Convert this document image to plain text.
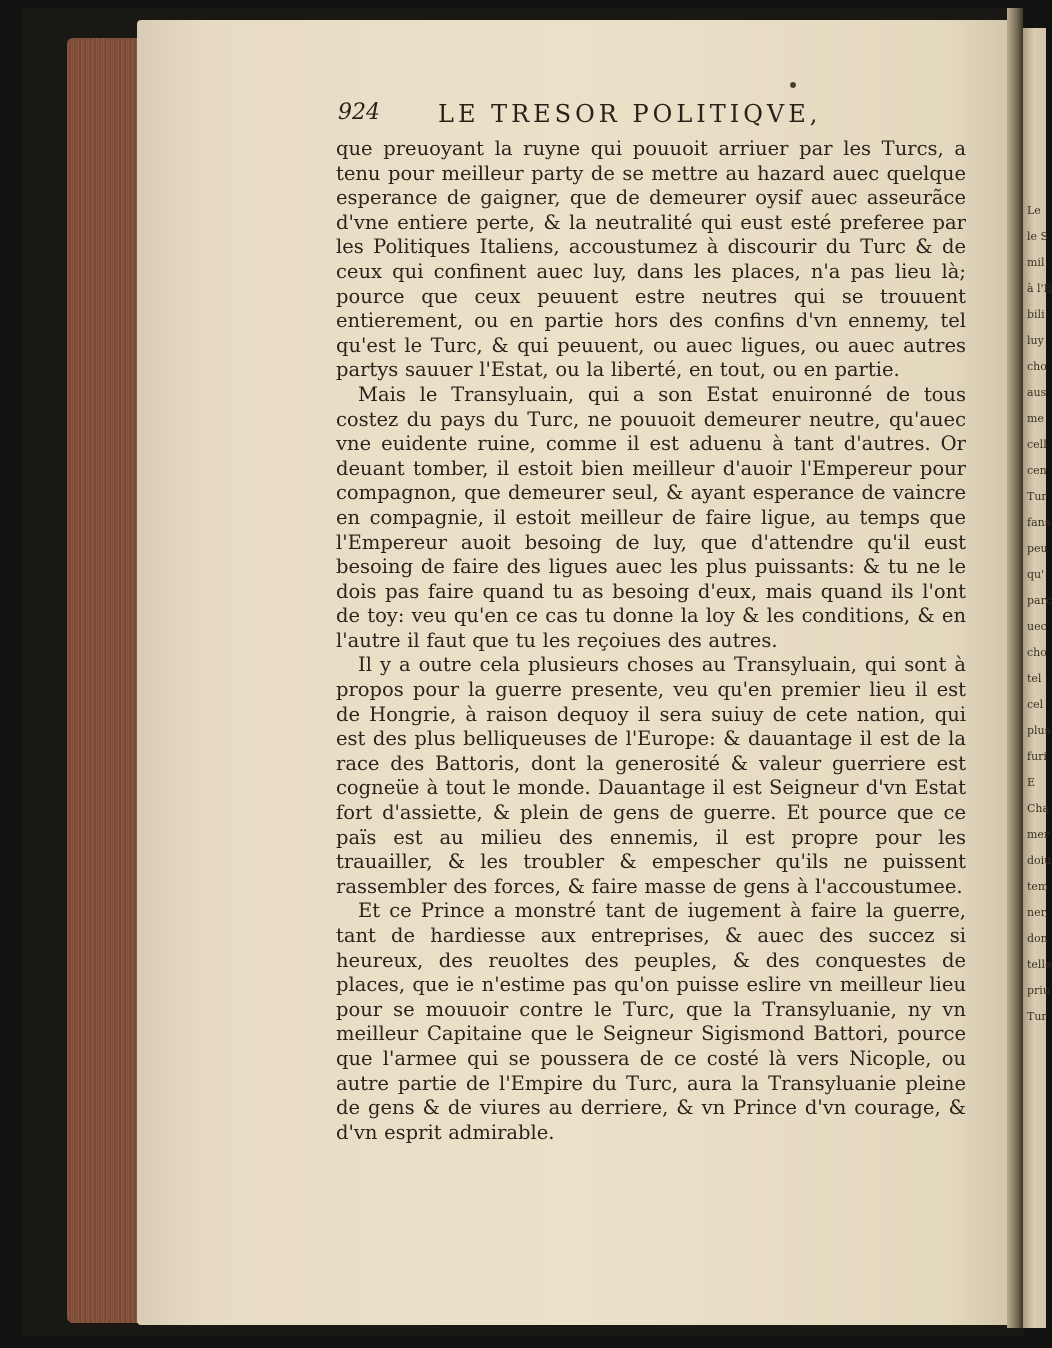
Le
le S
mil
à l'E
bili
luy
cho
aus
me
cell
cen
Tur
fans
peu
qu'
parc
uec
cho
tel
cel
plus
furi
E
Cha
mer
doiu
tem
ner,
don
telle
priu
Tur
924 LE TRESOR POLITIQVE,

que preuoyant la ruyne qui pouuoit arriuer par les Turcs, a tenu pour meilleur party de se mettre au hazard auec quelque esperance de gaigner, que de demeurer oysif auec asseurãce d'vne entiere perte, & la neutralité qui eust esté preferee par les Politiques Italiens, accoustumez à discourir du Turc & de ceux qui confinent auec luy, dans les places, n'a pas lieu là; pource que ceux peuuent estre neutres qui se trouuent entierement, ou en partie hors des confins d'vn ennemy, tel qu'est le Turc, & qui peuuent, ou auec ligues, ou auec autres partys sauuer l'Estat, ou la liberté, en tout, ou en partie.

Mais le Transyluain, qui a son Estat enuironné de tous costez du pays du Turc, ne pouuoit demeurer neutre, qu'auec vne euidente ruine, comme il est aduenu à tant d'autres. Or deuant tomber, il estoit bien meilleur d'auoir l'Empereur pour compagnon, que demeurer seul, & ayant esperance de vaincre en compagnie, il estoit meilleur de faire ligue, au temps que l'Empereur auoit besoing de luy, que d'attendre qu'il eust besoing de faire des ligues auec les plus puissants: & tu ne le dois pas faire quand tu as besoing d'eux, mais quand ils l'ont de toy: veu qu'en ce cas tu donne la loy & les conditions, & en l'autre il faut que tu les reçoiues des autres.

Il y a outre cela plusieurs choses au Transyluain, qui sont à propos pour la guerre presente, veu qu'en premier lieu il est de Hongrie, à raison dequoy il sera suiuy de cete nation, qui est des plus belliqueuses de l'Europe: & dauantage il est de la race des Battoris, dont la generosité & valeur guerriere est cogneüe à tout le monde. Dauantage il est Seigneur d'vn Estat fort d'assiette, & plein de gens de guerre. Et pource que ce païs est au milieu des ennemis, il est propre pour les trauailler, & les troubler & empescher qu'ils ne puissent rassembler des forces, & faire masse de gens à l'accoustumee.

Et ce Prince a monstré tant de iugement à faire la guerre, tant de hardiesse aux entreprises, & auec des succez si heureux, des reuoltes des peuples, & des conquestes de places, que ie n'estime pas qu'on puisse eslire vn meilleur lieu pour se mouuoir contre le Turc, que la Transyluanie, ny vn meilleur Capitaine que le Seigneur Sigismond Battori, pource que l'armee qui se poussera de ce costé là vers Nicople, ou autre partie de l'Empire du Turc, aura la Transyluanie pleine de gens & de viures au derriere, & vn Prince d'vn courage, & d'vn esprit admirable.
